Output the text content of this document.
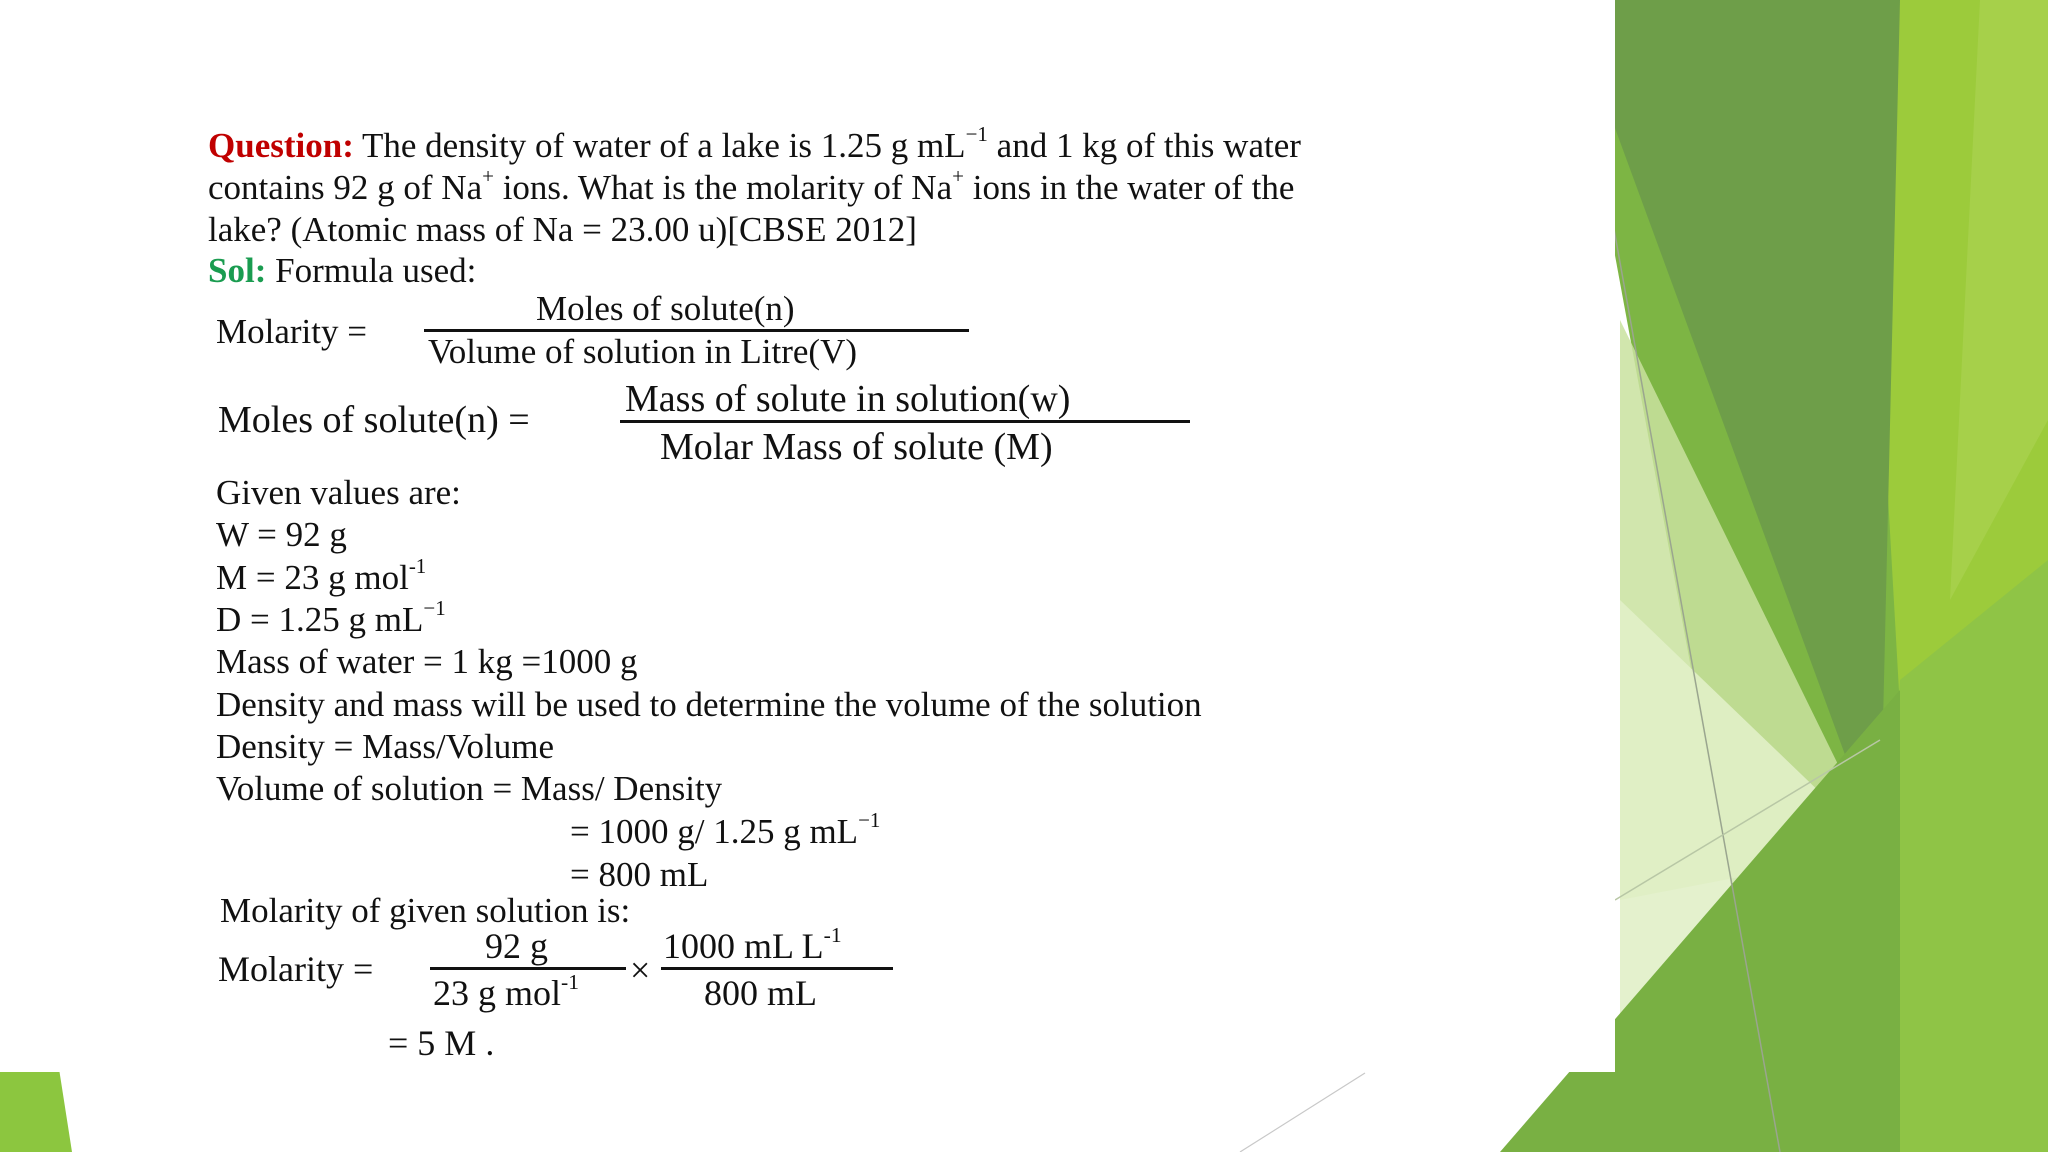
Question: The density of water of a lake is 1.25 g $mL^{-1}$ and 1 kg of this water
contains 92 g of Na+ ions. What is the molarity of Na+ ions in the water of the
lake? (Atomic mass of Na = 23.00 u)[CBSE 2012]
Sol: Formula used:
Molarity =
Moles of solute(n)
Volume of solution in Litre(V)
Moles of solute(n) =	Mass of solute in solution(w)
Molar Mass of solute (M)
Given values are:
W = 92 g
M = 23 g mol$^{-1}$
D = 1.25 g $mL^{-1}$
Mass of water = 1 kg =1000 g
Density and mass will be used to determine the volume of the solution
Density = Mass/Volume
Volume of solution = Mass/ Density
= 1000 g/ 1.25 g $mL^{-1}$
= 800 mL
Molarity of given solution is:
Molarity =
92 g
23 g mol$^{-1}$ ×
1000 mL $L^{-1}$
800 mL
= 5 M .
